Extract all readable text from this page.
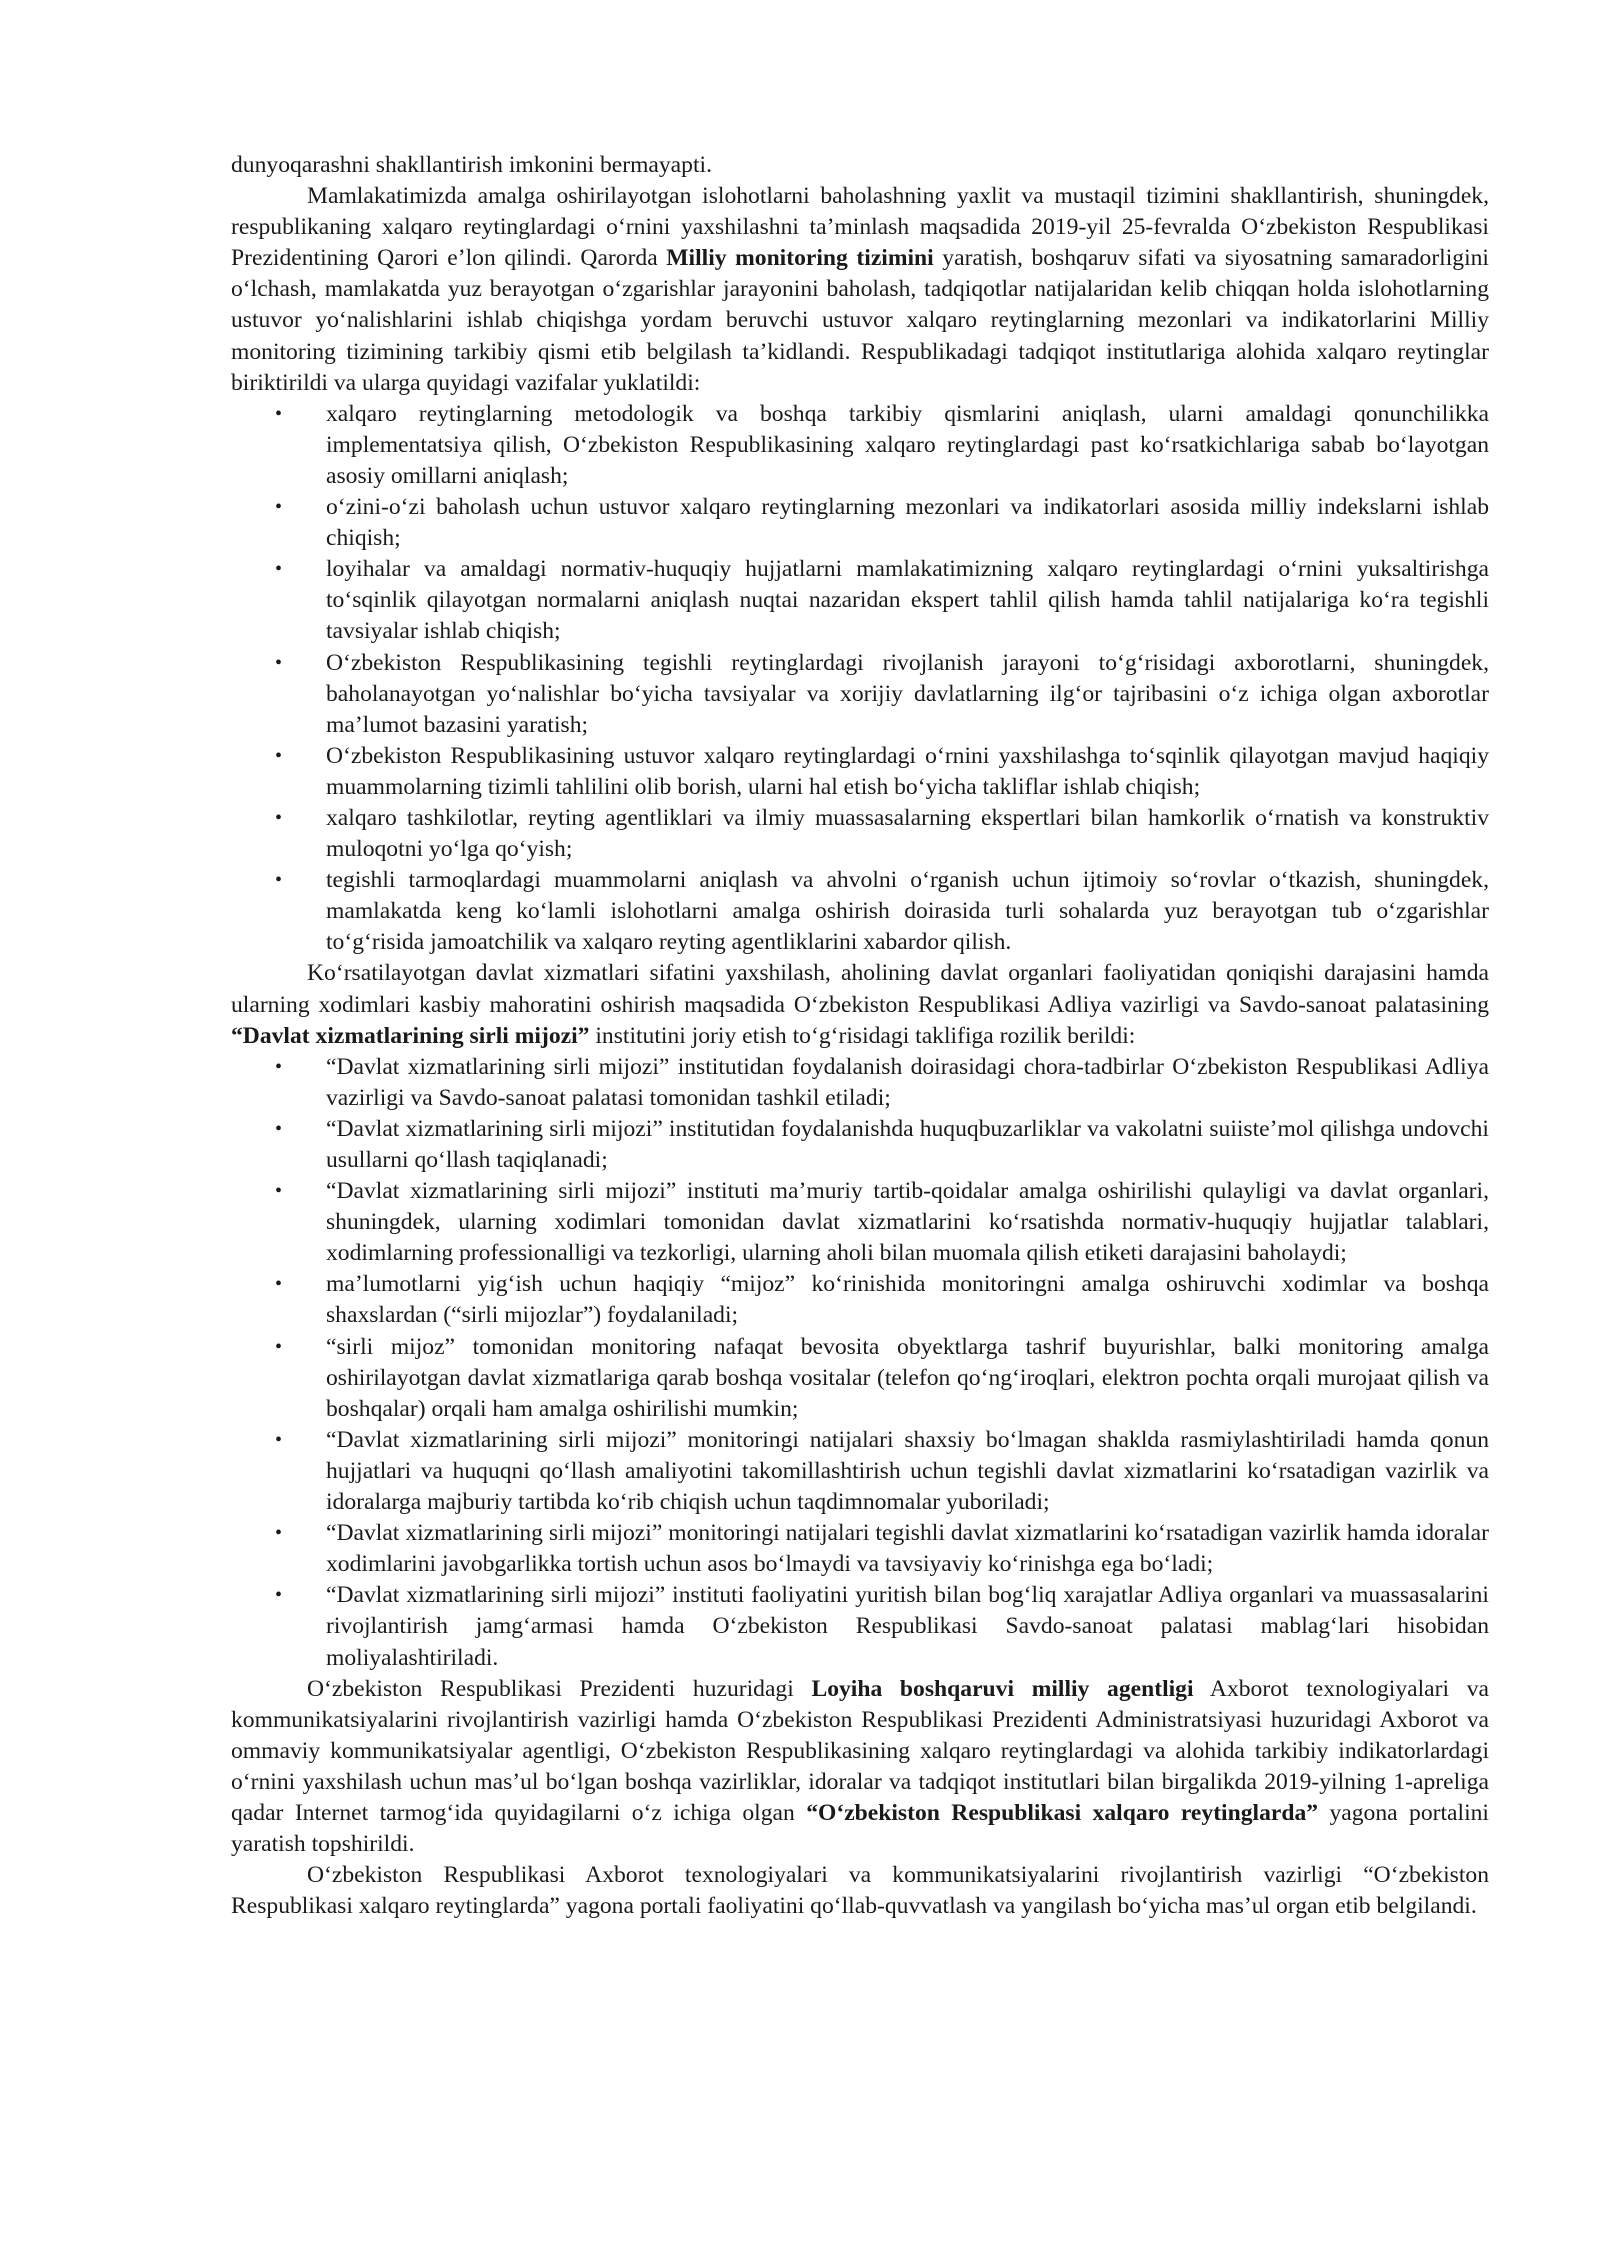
dunyoqarashni shakllantirish imkonini bermayapti.

Mamlakatimizda amalga oshirilayotgan islohotlarni baholashning yaxlit va mustaqil tizimini shakllantirish, shuningdek, respublikaning xalqaro reytinglardagi o‘rnini yaxshilashni ta’minlash maqsadida 2019-yil 25-fevralda O‘zbekiston Respublikasi Prezidentining Qarori e’lon qilindi. Qarorda Milliy monitoring tizimini yaratish, boshqaruv sifati va siyosatning samaradorligini o‘lchash, mamlakatda yuz berayotgan o‘zgarishlar jarayonini baholash, tadqiqotlar natijalaridan kelib chiqqan holda islohotlarning ustuvor yo‘nalishlarini ishlab chiqishga yordam beruvchi ustuvor xalqaro reytinglarning mezonlari va indikatorlarini Milliy monitoring tizimining tarkibiy qismi etib belgilash ta’kidlandi. Respublikadagi tadqiqot institutlariga alohida xalqaro reytinglar biriktirildi va ularga quyidagi vazifalar yuklatildi:

• xalqaro reytinglarning metodologik va boshqa tarkibiy qismlarini aniqlash, ularni amaldagi qonunchilikka implementatsiya qilish, O‘zbekiston Respublikasining xalqaro reytinglardagi past ko‘rsatkichlariga sabab bo‘layotgan asosiy omillarni aniqlash;
• o‘zini-o‘zi baholash uchun ustuvor xalqaro reytinglarning mezonlari va indikatorlari asosida milliy indekslarni ishlab chiqish;
• loyihalar va amaldagi normativ-huquqiy hujjatlarni mamlakatimizning xalqaro reytinglardagi o‘rnini yuksaltirishga to‘sqinlik qilayotgan normalarni aniqlash nuqtai nazaridan ekspert tahlil qilish hamda tahlil natijalariga ko‘ra tegishli tavsiyalar ishlab chiqish;
• O‘zbekiston Respublikasining tegishli reytinglardagi rivojlanish jarayoni to‘g‘risidagi axborotlarni, shuningdek, baholanayotgan yo‘nalishlar bo‘yicha tavsiyalar va xorijiy davlatlarning ilg‘or tajribasini o‘z ichiga olgan axborotlar ma’lumot bazasini yaratish;
• O‘zbekiston Respublikasining ustuvor xalqaro reytinglardagi o‘rnini yaxshilashga to‘sqinlik qilayotgan mavjud haqiqiy muammolarning tizimli tahlilini olib borish, ularni hal etish bo‘yicha takliflar ishlab chiqish;
• xalqaro tashkilotlar, reyting agentliklari va ilmiy muassasalarning ekspertlari bilan hamkorlik o‘rnatish va konstruktiv muloqotni yo‘lga qo‘yish;
• tegishli tarmoqlardagi muammolarni aniqlash va ahvolni o‘rganish uchun ijtimoiy so‘rovlar o‘tkazish, shuningdek, mamlakatda keng ko‘lamli islohotlarni amalga oshirish doirasida turli sohalarda yuz berayotgan tub o‘zgarishlar to‘g‘risida jamoatchilik va xalqaro reyting agentliklarini xabardor qilish.

Ko‘rsatilayotgan davlat xizmatlari sifatini yaxshilash, aholining davlat organlari faoliyatidan qoniqishi darajasini hamda ularning xodimlari kasbiy mahoratini oshirish maqsadida O‘zbekiston Respublikasi Adliya vazirligi va Savdo-sanoat palatasining “Davlat xizmatlarining sirli mijozi” institutini joriy etish to‘g‘risidagi taklifiga rozilik berildi:

• “Davlat xizmatlarining sirli mijozi” institutidan foydalanish doirasidagi chora-tadbirlar O‘zbekiston Respublikasi Adliya vazirligi va Savdo-sanoat palatasi tomonidan tashkil etiladi;
• “Davlat xizmatlarining sirli mijozi” institutidan foydalanishda huquqbuzarliklar va vakolatni suiiste’mol qilishga undovchi usullarni qo‘llash taqiqlanadi;
• “Davlat xizmatlarining sirli mijozi” instituti ma’muriy tartib-qoidalar amalga oshirilishi qulayligi va davlat organlari, shuningdek, ularning xodimlari tomonidan davlat xizmatlarini ko‘rsatishda normativ-huquqiy hujjatlar talablari, xodimlarning professionalligi va tezkorligi, ularning aholi bilan muomala qilish etiketi darajasini baholaydi;
• ma’lumotlarni yig‘ish uchun haqiqiy “mijoz” ko‘rinishida monitoringni amalga oshiruvchi xodimlar va boshqa shaxslardan (“sirli mijozlar”) foydalaniladi;
• “sirli mijoz” tomonidan monitoring nafaqat bevosita obyektlarga tashrif buyurishlar, balki monitoring amalga oshirilayotgan davlat xizmatlariga qarab boshqa vositalar (telefon qo‘ng‘iroqlari, elektron pochta orqali murojaat qilish va boshqalar) orqali ham amalga oshirilishi mumkin;
• “Davlat xizmatlarining sirli mijozi” monitoringi natijalari shaxsiy bo‘lmagan shaklda rasmiylashtiriladi hamda qonun hujjatlari va huquqni qo‘llash amaliyotini takomillashtirish uchun tegishli davlat xizmatlarini ko‘rsatadigan vazirlik va idoralarga majburiy tartibda ko‘rib chiqish uchun taqdimnomalar yuboriladi;
• “Davlat xizmatlarining sirli mijozi” monitoringi natijalari tegishli davlat xizmatlarini ko‘rsatadigan vazirlik hamda idoralar xodimlarini javobgarlikka tortish uchun asos bo‘lmaydi va tavsiyaviy ko‘rinishga ega bo‘ladi;
• “Davlat xizmatlarining sirli mijozi” instituti faoliyatini yuritish bilan bog‘liq xarajatlar Adliya organlari va muassasalarini rivojlantirish jamg‘armasi hamda O‘zbekiston Respublikasi Savdo-sanoat palatasi mablag‘lari hisobidan moliyalashtiriladi.

O‘zbekiston Respublikasi Prezidenti huzuridagi Loyiha boshqaruvi milliy agentligi Axborot texnologiyalari va kommunikatsiyalarini rivojlantirish vazirligi hamda O‘zbekiston Respublikasi Prezidenti Administratsiyasi huzuridagi Axborot va ommaviy kommunikatsiyalar agentligi, O‘zbekiston Respublikasining xalqaro reytinglardagi va alohida tarkibiy indikatorlardagi o‘rnini yaxshilash uchun mas’ul bo‘lgan boshqa vazirliklar, idoralar va tadqiqot institutlari bilan birgalikda 2019-yilning 1-apreliga qadar Internet tarmog‘ida quyidagilarni o‘z ichiga olgan “O‘zbekiston Respublikasi xalqaro reytinglarda” yagona portalini yaratish topshirildi.

O‘zbekiston Respublikasi Axborot texnologiyalari va kommunikatsiyalarini rivojlantirish vazirligi “O‘zbekiston Respublikasi xalqaro reytinglarda” yagona portali faoliyatini qo‘llab-quvvatlash va yangilash bo‘yicha mas’ul organ etib belgilandi.
